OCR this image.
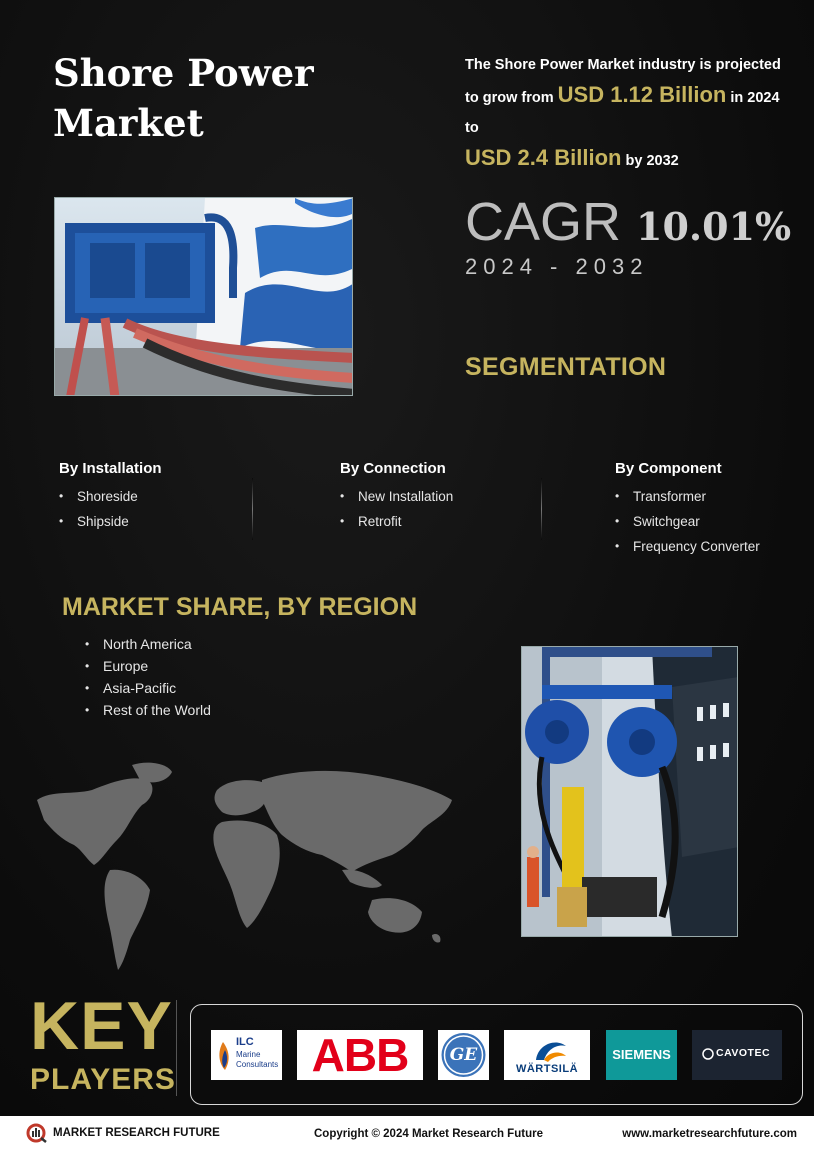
Shore Power
Market
The Shore Power Market industry is projected to grow from USD 1.12 Billion in 2024 to
USD 2.4 Billion by 2032
CAGR 10.01%
2024 - 2032
SEGMENTATION
By Installation
• Shoreside
• Shipside
By Connection
• New Installation
• Retrofit
By Component
• Transformer
• Switchgear
• Frequency Converter
MARKET SHARE, BY REGION
• North America
• Europe
• Asia-Pacific
• Rest of the World
KEY
PLAYERS
ILC
Marine
Consultants ABB	GE
WÄRTSILÄ
SIEMENS	CAVOTEC
MARKET RESEARCH FUTURE	Copyright © 2024 Market Research Future	www.marketresearchfuture.com
